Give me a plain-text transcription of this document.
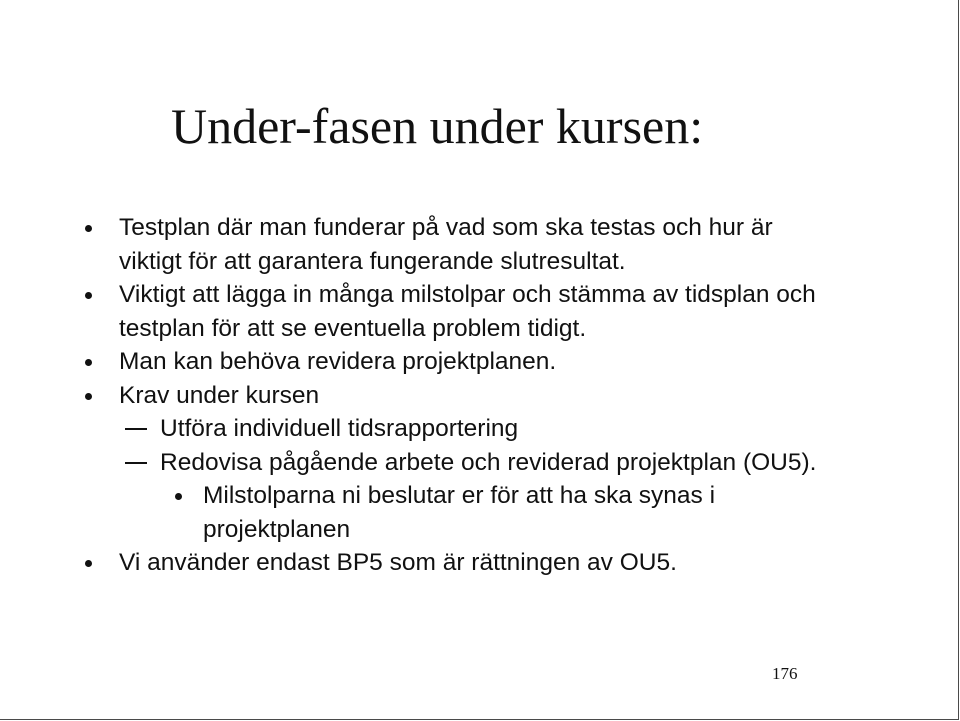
Under-fasen under kursen:

Testplan där man funderar på vad som ska testas och hur är viktigt för att garantera fungerande slutresultat.

Viktigt att lägga in många milstolpar och stämma av tidsplan och testplan för att se eventuella problem tidigt.

Man kan behöva revidera projektplanen.

Krav under kursen

Utföra individuell tidsrapportering

Redovisa pågående arbete och reviderad projektplan (OU5).

Milstolparna ni beslutar er för att ha ska synas i projektplanen

Vi använder endast BP5 som är rättningen av OU5.

176
